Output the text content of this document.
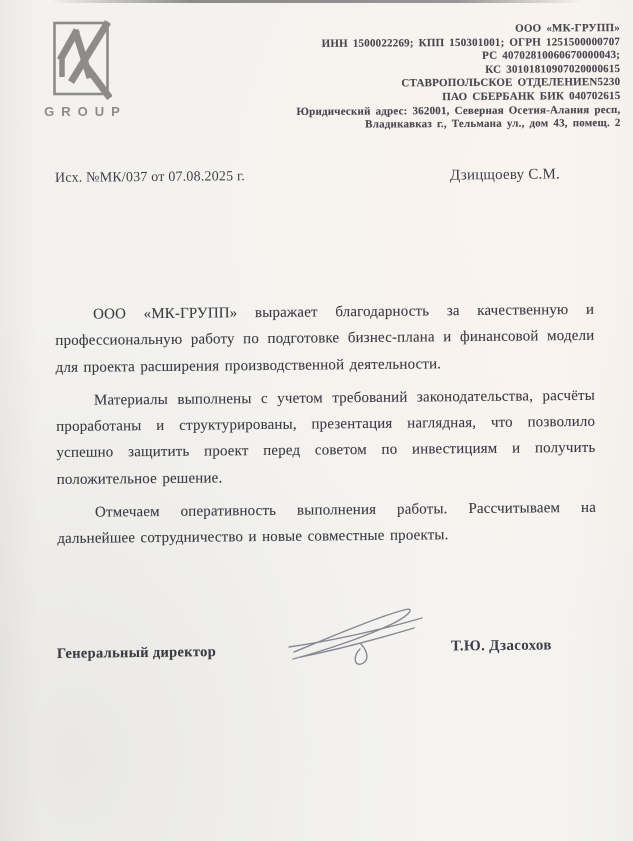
GROUP
ООО «МК-ГРУПП»
ИНН 1500022269; КПП 150301001; ОГРН 1251500000707
РС 40702810060670000043;
КС 30101810907020000615
СТАВРОПОЛЬСКОЕ ОТДЕЛЕНИЕN5230
ПАО СБЕРБАНК БИК 040702615
Юридический адрес: 362001, Северная Осетия-Алания респ,
Владикавказ г., Тельмана ул., дом 43, помещ. 2
Исх. №МК/037 от 07.08.2025 г.	Дзицщоеву С.М.

ООО «МК-ГРУПП» выражает благодарность за качественную и профессиональную работу по подготовке бизнес-плана и финансовой модели для проекта расширения производственной деятельности.

Материалы выполнены с учетом требований законодательства, расчёты проработаны и структурированы, презентация наглядная, что позволило успешно защитить проект перед советом по инвестициям и получить положительное решение.

Отмечаем оперативность выполнения работы. Рассчитываем на дальнейшее сотрудничество и новые совместные проекты.

Генеральный директор	Т.Ю. Дзасохов
